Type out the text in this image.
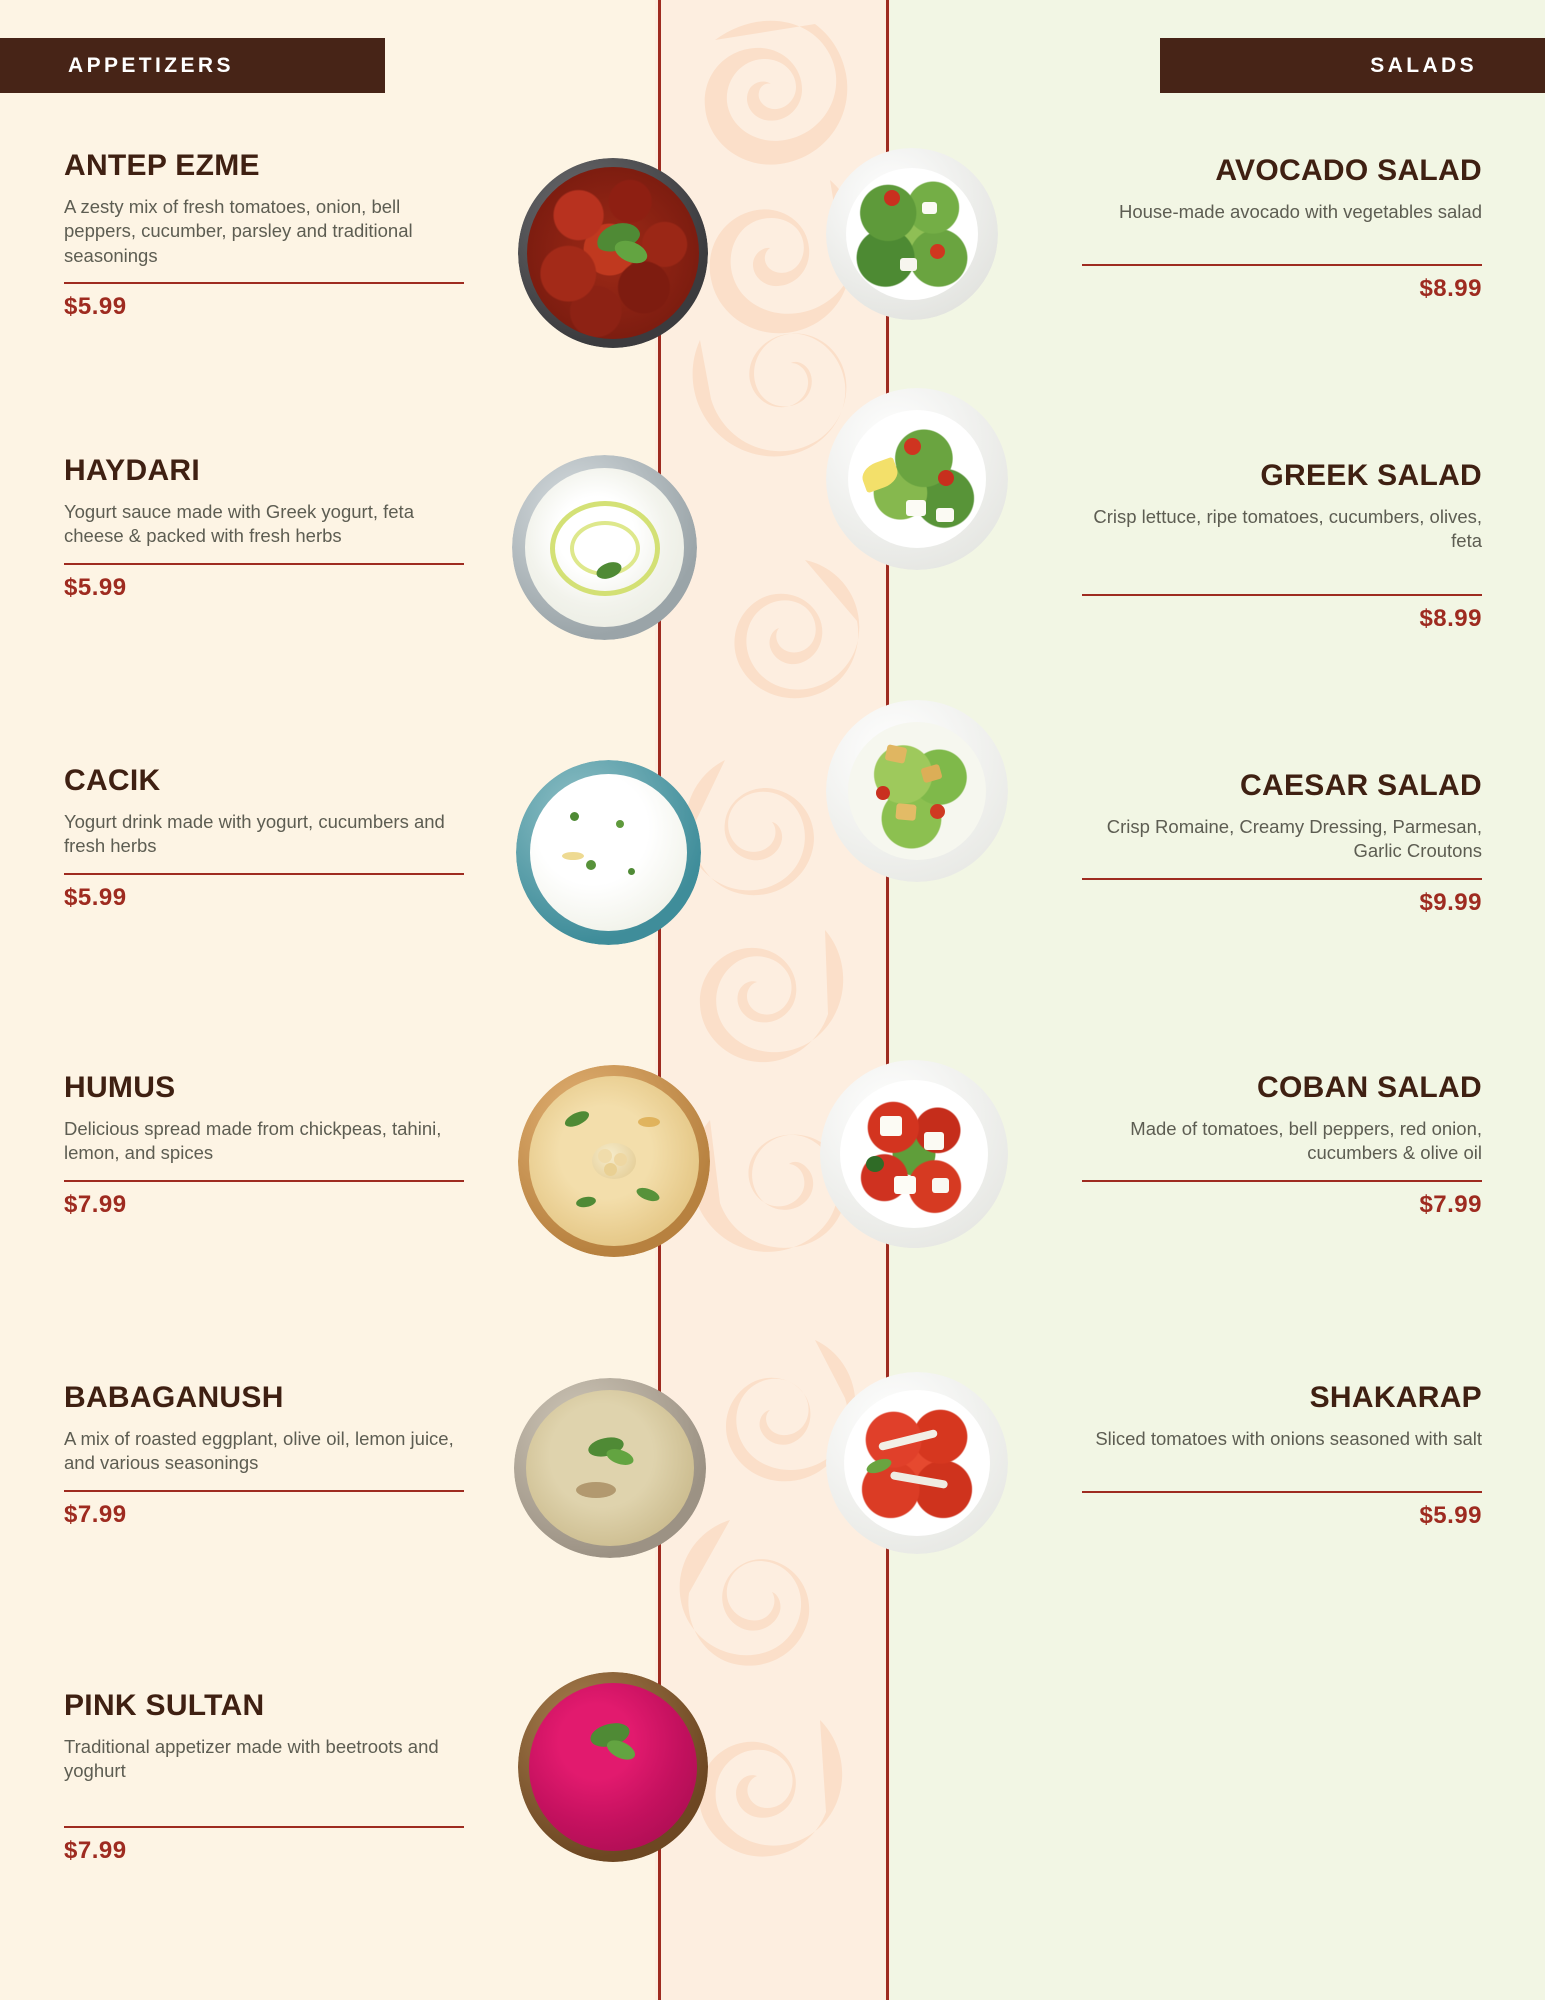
APPETIZERS	SALADS
ANTEP EZME
A zesty mix of fresh tomatoes, onion, bell peppers, cucumber, parsley and traditional seasonings
$5.99
HAYDARI
Yogurt sauce made with Greek yogurt, feta cheese & packed with fresh herbs
$5.99
CACIK
Yogurt drink made with yogurt, cucumbers and fresh herbs
$5.99
HUMUS
Delicious spread made from chickpeas, tahini, lemon, and spices
$7.99
BABAGANUSH
A mix of roasted eggplant, olive oil, lemon juice, and various seasonings
$7.99
PINK SULTAN
Traditional appetizer made with beetroots and yoghurt
$7.99
AVOCADO SALAD
House-made avocado with vegetables salad
$8.99
GREEK SALAD
Crisp lettuce, ripe tomatoes, cucumbers, olives, feta
$8.99
CAESAR SALAD
Crisp Romaine, Creamy Dressing, Parmesan, Garlic Croutons
$9.99
COBAN SALAD
Made of tomatoes, bell peppers, red onion, cucumbers & olive oil
$7.99
SHAKARAP
Sliced tomatoes with onions seasoned with salt
$5.99
